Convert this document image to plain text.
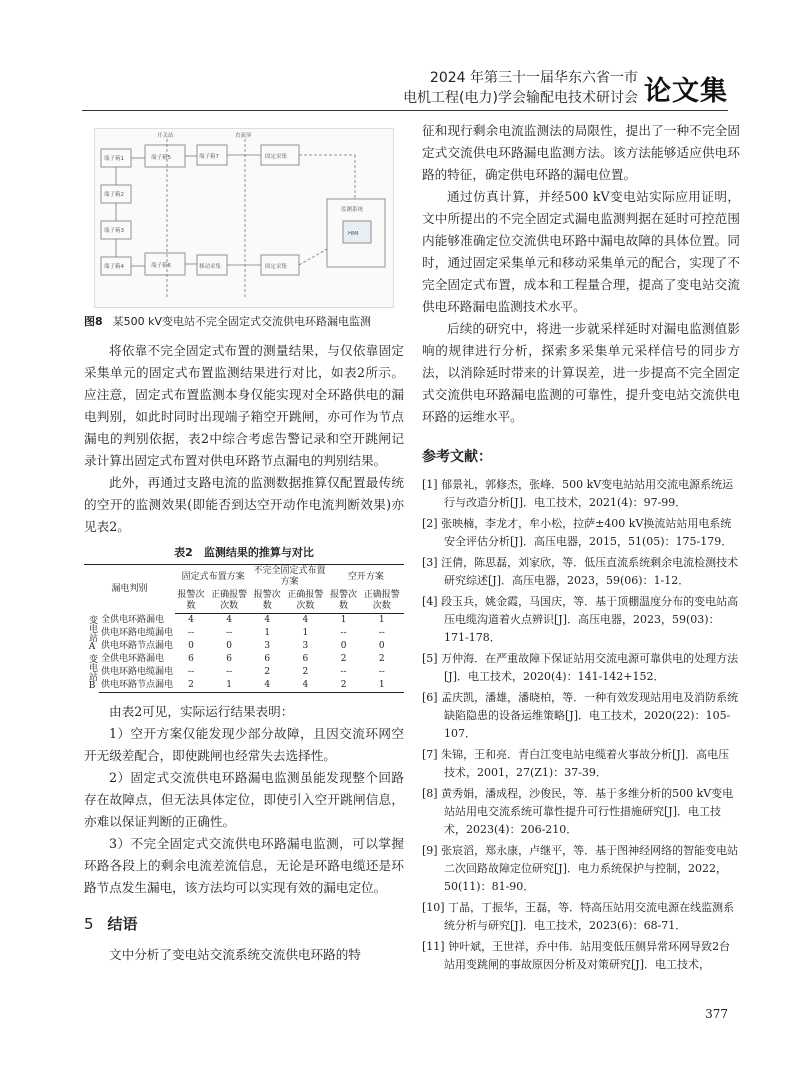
2024 年第三十一届华东六省一市
电机工程(电力)学会输配电技术研讨会 论文集
开关站	直流屏
端子箱1
端子箱2
端子箱3
端子箱4
端子箱5
端子箱6
端子箱7
移动采集
固定采集
固定采集
监测系统
HMI
图8 某500 kV变电站不完全固定式交流供电环路漏电监测

将依靠不完全固定式布置的测量结果，与仅依靠固定采集单元的固定式布置监测结果进行对比，如表2所示。应注意，固定式布置监测本身仅能实现对全环路供电的漏电判别，如此时同时出现端子箱空开跳闸，亦可作为节点漏电的判别依据，表2中综合考虑告警记录和空开跳闸记录计算出固定式布置对供电环路节点漏电的判别结果。

此外，再通过支路电流的监测数据推算仅配置最传统的空开的监测效果(即能否到达空开动作电流判断效果)亦见表2。

表2　监测结果的推算与对比
漏电判别		固定式布置方案		不完全固定式布置方案		空开方案	
		报警次数	正确报警次数	报警次数	正确报警次数	报警次数	正确报警次数
变电站A	全供电环路漏电	4	4	4	4	1	1
	供电环路电缆漏电	--	--	1	1	--	--
	供电环路节点漏电	0	0	3	3	0	0
变电站B	全供电环路漏电	6	6	6	6	2	2
	供电环路电缆漏电	--	--	2	2	--	--
	供电环路节点漏电	2	1	4	4	2	1

由表2可见，实际运行结果表明：

1）空开方案仅能发现少部分故障，且因交流环网空开无级差配合，即使跳闸也经常失去选择性。

2）固定式交流供电环路漏电监测虽能发现整个回路存在故障点，但无法具体定位，即使引入空开跳闸信息，亦难以保证判断的正确性。

3）不完全固定式交流供电环路漏电监测，可以掌握环路各段上的剩余电流差流信息，无论是环路电缆还是环路节点发生漏电，该方法均可以实现有效的漏电定位。

5 结语

文中分析了变电站交流系统交流供电环路的特

征和现行剩余电流监测法的局限性，提出了一种不完全固定式交流供电环路漏电监测方法。该方法能够适应供电环路的特征，确定供电环路的漏电位置。

通过仿真计算，并经500 kV变电站实际应用证明，文中所提出的不完全固定式漏电监测判据在延时可控范围内能够准确定位交流供电环路中漏电故障的具体位置。同时，通过固定采集单元和移动采集单元的配合，实现了不完全固定式布置，成本和工程量合理，提高了变电站交流供电环路漏电监测技术水平。

后续的研究中，将进一步就采样延时对漏电监测值影响的规律进行分析，探索多采集单元采样信号的同步方法，以消除延时带来的计算误差，进一步提高不完全固定式交流供电环路漏电监测的可靠性，提升变电站交流供电环路的运维水平。

参考文献：
[1] 郁景礼，郭修杰，张峰．500 kV变电站站用交流电源系统运行与改造分析[J]．电工技术，2021(4)：97-99．
[2] 张映楠，李龙才，牟小松，拉萨±400 kV换流站站用电系统安全评估分析[J]．高压电器，2015，51(05)：175-179．
[3] 汪倩，陈思磊，刘家欣，等．低压直流系统剩余电流检测技术研究综述[J]．高压电器，2023，59(06)：1-12．
[4] 段玉兵，姚金霞，马国庆，等．基于顶棚温度分布的变电站高压电缆沟道着火点辨识[J]．高压电器，2023，59(03)：171-178．
[5] 万仲海．在严重故障下保证站用交流电源可靠供电的处理方法[J]．电工技术，2020(4)：141-142+152．
[6] 孟庆凯，潘雄，潘晓柏，等．一种有效发现站用电及消防系统缺陷隐患的设备运维策略[J]．电工技术，2020(22)：105-107．
[7] 朱锦，王和亮．青白江变电站电缆着火事故分析[J]．高电压技术，2001，27(Z1)：37-39．
[8] 黄秀娟，潘成程，沙俊民，等．基于多维分析的500 kV变电站站用电交流系统可靠性提升可行性措施研究[J]．电工技术，2023(4)：206-210．
[9] 张宸滔，郑永康，卢继平，等．基于图神经网络的智能变电站二次回路故障定位研究[J]．电力系统保护与控制，2022，50(11)：81-90．
[10] 丁晶，丁振华，王磊，等．特高压站用交流电源在线监测系统分析与研究[J]．电工技术，2023(6)：68-71．
[11] 钟叶斌，王世祥，乔中伟．站用变低压侧异常环网导致2台站用变跳闸的事故原因分析及对策研究[J]．电工技术，
377
